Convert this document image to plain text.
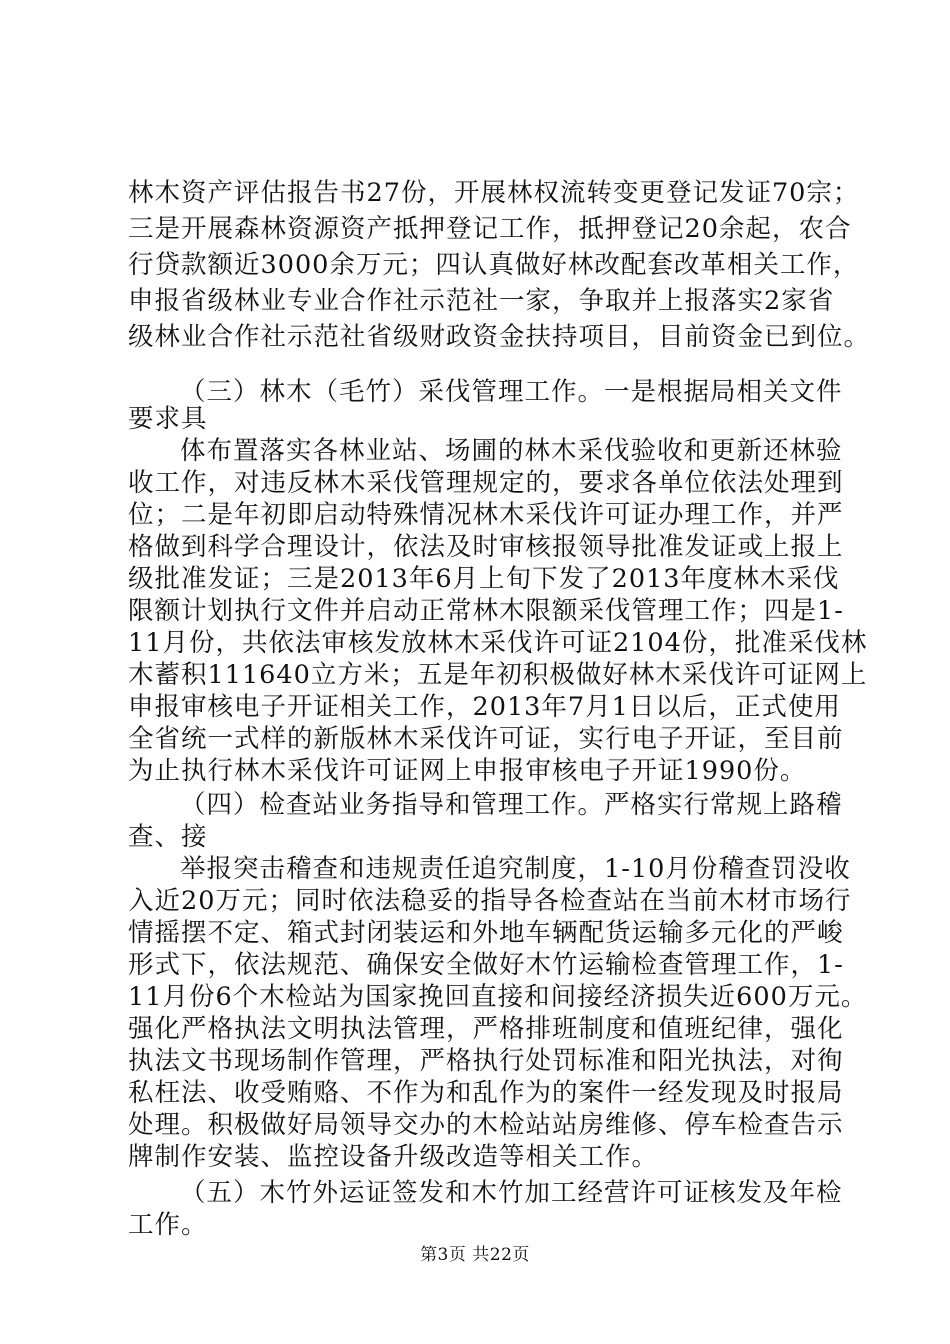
林木资产评估报告书27份，开展林权流转变更登记发证70宗；
三是开展森林资源资产抵押登记工作，抵押登记20余起，农合
行贷款额近3000余万元；四认真做好林改配套改革相关工作，
申报省级林业专业合作社示范社一家，争取并上报落实2家省
级林业合作社示范社省级财政资金扶持项目，目前资金已到位。
（三）林木（毛竹）采伐管理工作。一是根据局相关文件
要求具
体布置落实各林业站、场圃的林木采伐验收和更新还林验
收工作，对违反林木采伐管理规定的，要求各单位依法处理到
位；二是年初即启动特殊情况林木采伐许可证办理工作，并严
格做到科学合理设计，依法及时审核报领导批准发证或上报上
级批准发证；三是2013年6月上旬下发了2013年度林木采伐
限额计划执行文件并启动正常林木限额采伐管理工作；四是1-
11月份，共依法审核发放林木采伐许可证2104份，批准采伐林
木蓄积111640立方米；五是年初积极做好林木采伐许可证网上
申报审核电子开证相关工作，2013年7月1日以后，正式使用
全省统一式样的新版林木采伐许可证，实行电子开证，至目前
为止执行林木采伐许可证网上申报审核电子开证1990份。
（四）检查站业务指导和管理工作。严格实行常规上路稽
查、接
举报突击稽查和违规责任追究制度，1-10月份稽查罚没收
入近20万元；同时依法稳妥的指导各检查站在当前木材市场行
情摇摆不定、箱式封闭装运和外地车辆配货运输多元化的严峻
形式下，依法规范、确保安全做好木竹运输检查管理工作，1-
11月份6个木检站为国家挽回直接和间接经济损失近600万元。
强化严格执法文明执法管理，严格排班制度和值班纪律，强化
执法文书现场制作管理，严格执行处罚标准和阳光执法，对徇
私枉法、收受贿赂、不作为和乱作为的案件一经发现及时报局
处理。积极做好局领导交办的木检站站房维修、停车检查告示
牌制作安装、监控设备升级改造等相关工作。
（五）木竹外运证签发和木竹加工经营许可证核发及年检
工作。
第3页 共22页
